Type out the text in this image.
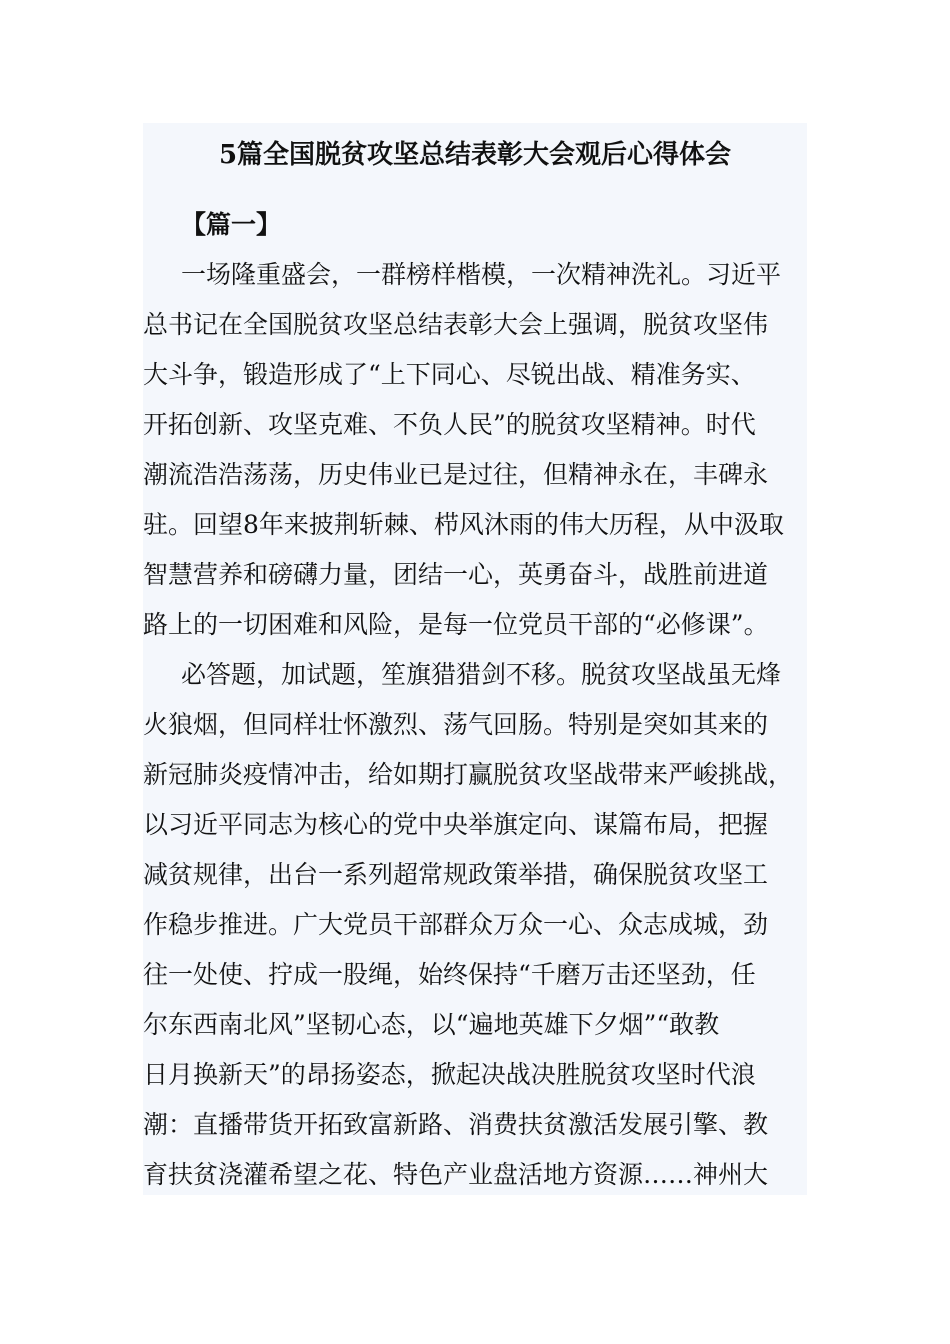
5篇全国脱贫攻坚总结表彰大会观后心得体会
【篇一】
一场隆重盛会，一群榜样楷模，一次精神洗礼。习近平
总书记在全国脱贫攻坚总结表彰大会上强调，脱贫攻坚伟
大斗争，锻造形成了“上下同心、尽锐出战、精准务实、
开拓创新、攻坚克难、不负人民”的脱贫攻坚精神。时代
潮流浩浩荡荡，历史伟业已是过往，但精神永在，丰碑永
驻。回望8年来披荆斩棘、栉风沐雨的伟大历程，从中汲取
智慧营养和磅礴力量，团结一心，英勇奋斗，战胜前进道
路上的一切困难和风险，是每一位党员干部的“必修课”。
必答题，加试题，笙旗猎猎剑不移。脱贫攻坚战虽无烽
火狼烟，但同样壮怀激烈、荡气回肠。特别是突如其来的
新冠肺炎疫情冲击，给如期打赢脱贫攻坚战带来严峻挑战，
以习近平同志为核心的党中央举旗定向、谋篇布局，把握
减贫规律，出台一系列超常规政策举措，确保脱贫攻坚工
作稳步推进。广大党员干部群众万众一心、众志成城，劲
往一处使、拧成一股绳，始终保持“千磨万击还坚劲，任
尔东西南北风”坚韧心态，以“遍地英雄下夕烟”“敢教
日月换新天”的昂扬姿态，掀起决战决胜脱贫攻坚时代浪
潮：直播带货开拓致富新路、消费扶贫激活发展引擎、教
育扶贫浇灌希望之花、特色产业盘活地方资源……神州大
